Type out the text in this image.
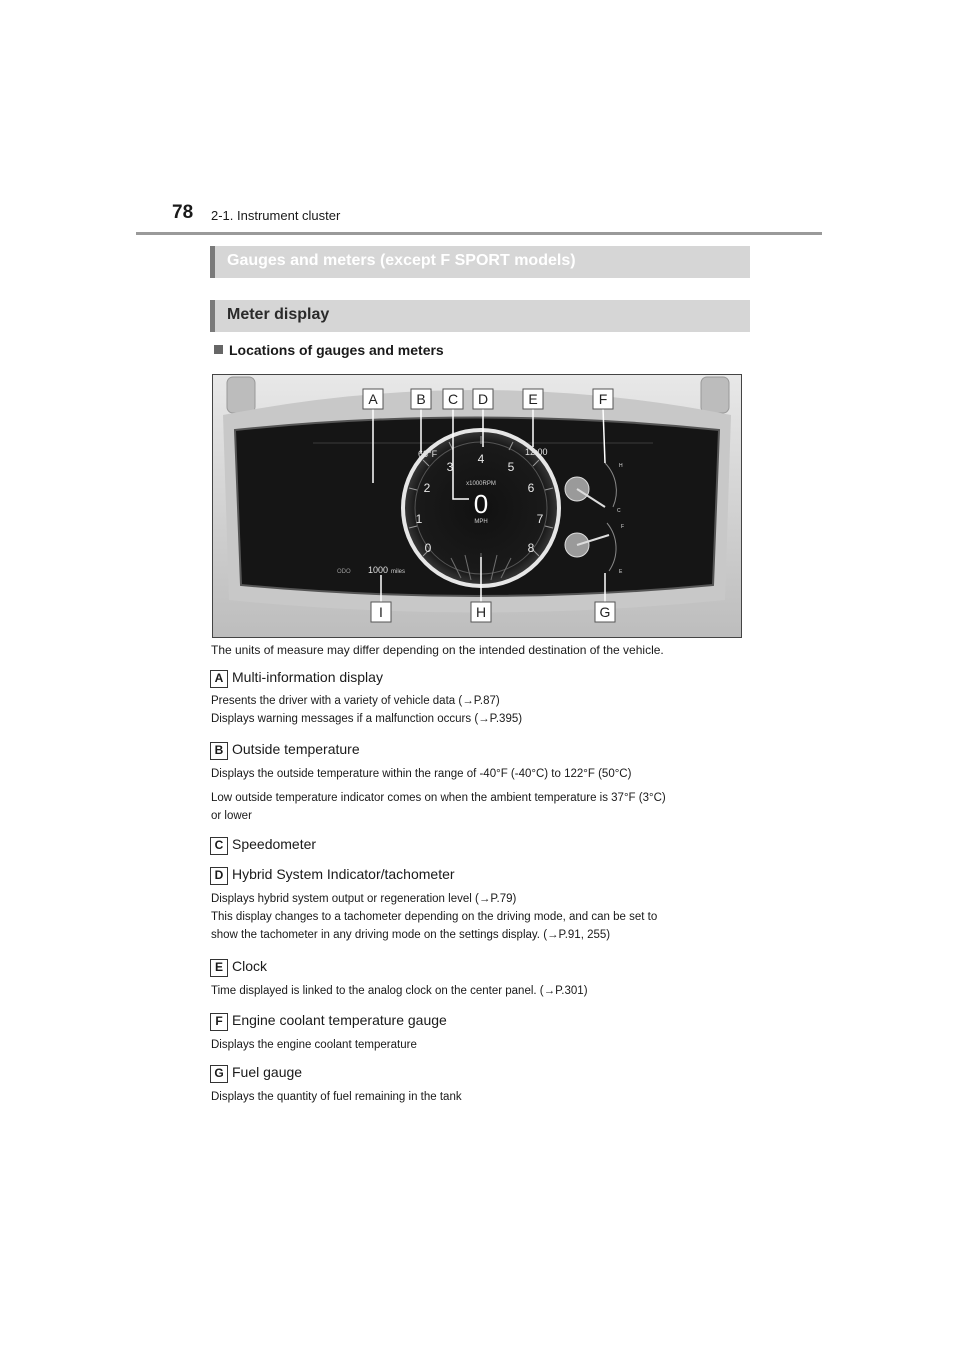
78 2-1. Instrument cluster
Gauges and meters (except F SPORT models)
Meter display
Locations of gauges and meters
0
1
2
3
4
5
6
7
8
x1000RPM
0
MPH
68°F	12:00
ODO 1000 miles
H
C
F
E
A	B C D	E	F
I	H	G
The units of measure may differ depending on the intended destination of the vehicle.
A Multi-information display
Presents the driver with a variety of vehicle data (→P.87)
Displays warning messages if a malfunction occurs (→P.395)
B Outside temperature
Displays the outside temperature within the range of -40°F (-40°C) to 122°F (50°C)
Low outside temperature indicator comes on when the ambient temperature is 37°F (3°C)
or lower
C Speedometer
D Hybrid System Indicator/tachometer
Displays hybrid system output or regeneration level (→P.79)
This display changes to a tachometer depending on the driving mode, and can be set to
show the tachometer in any driving mode on the settings display. (→P.91, 255)
E Clock
Time displayed is linked to the analog clock on the center panel. (→P.301)
F Engine coolant temperature gauge
Displays the engine coolant temperature
G Fuel gauge
Displays the quantity of fuel remaining in the tank
